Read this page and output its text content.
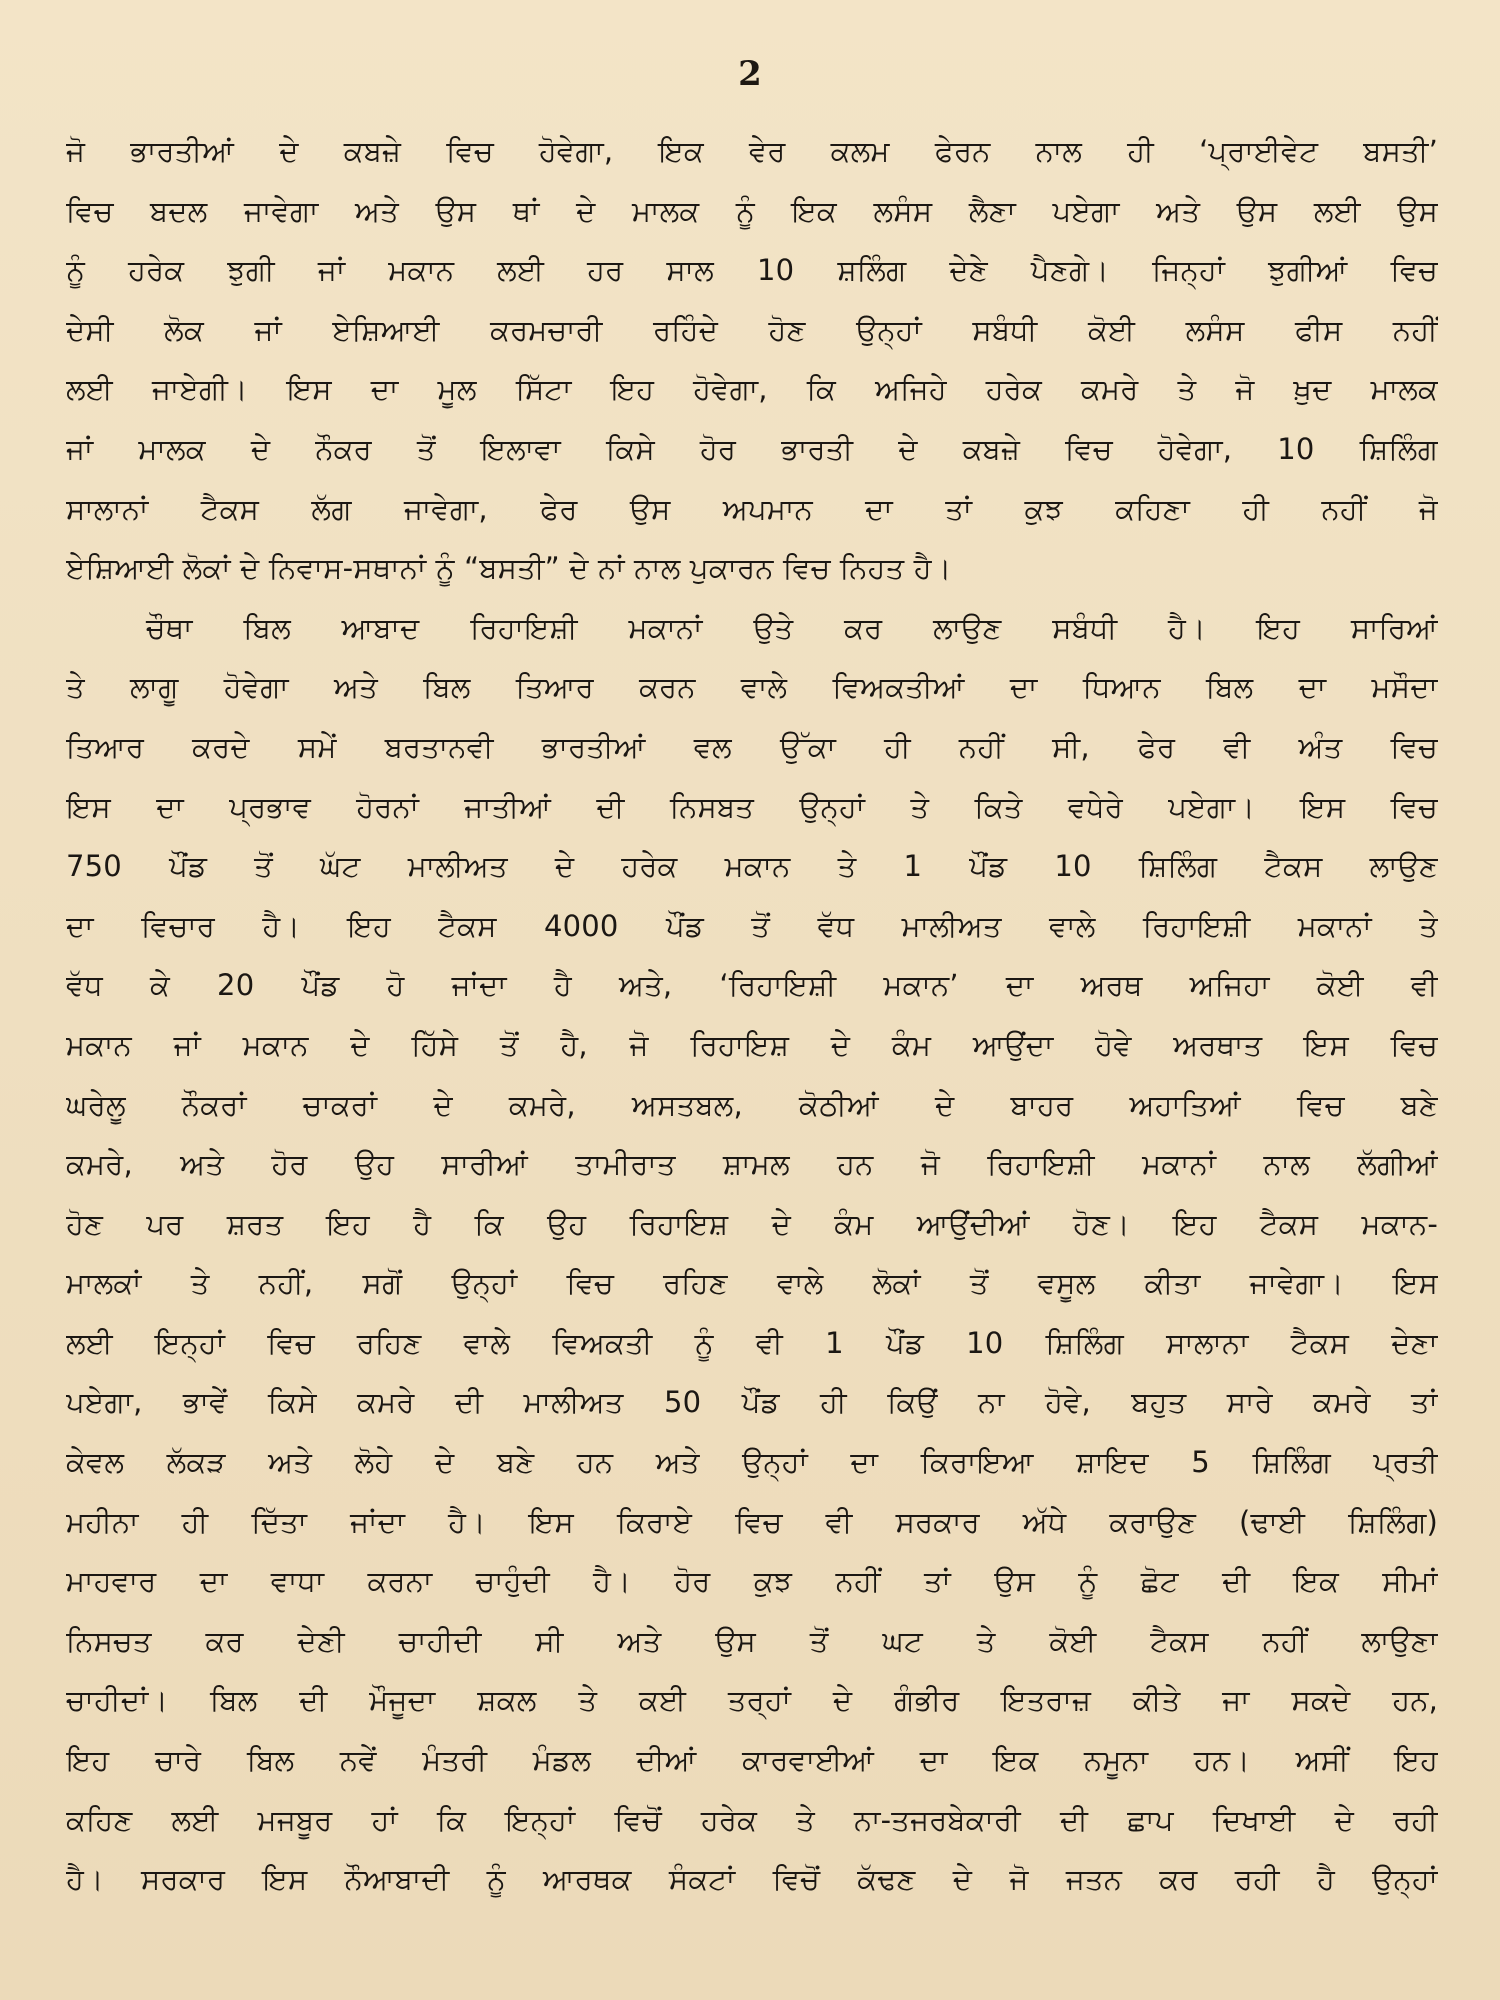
2
ਜੋ ਭਾਰਤੀਆਂ ਦੇ ਕਬਜ਼ੇ ਵਿਚ ਹੋਵੇਗਾ, ਇਕ ਵੇਰ ਕਲਮ ਫੇਰਨ ਨਾਲ ਹੀ ‘ਪ੍ਰਾਈਵੇਟ ਬਸਤੀ’
ਵਿਚ ਬਦਲ ਜਾਵੇਗਾ ਅਤੇ ਉਸ ਥਾਂ ਦੇ ਮਾਲਕ ਨੂੰ ਇਕ ਲਸੰਸ ਲੈਣਾ ਪਏਗਾ ਅਤੇ ਉਸ ਲਈ ਉਸ
ਨੂੰ ਹਰੇਕ ਝੁਗੀ ਜਾਂ ਮਕਾਨ ਲਈ ਹਰ ਸਾਲ 10 ਸ਼ਲਿੰਗ ਦੇਣੇ ਪੈਣਗੇ। ਜਿਨ੍ਹਾਂ ਝੁਗੀਆਂ ਵਿਚ
ਦੇਸੀ ਲੋਕ ਜਾਂ ਏਸ਼ਿਆਈ ਕਰਮਚਾਰੀ ਰਹਿੰਦੇ ਹੋਣ ਉਨ੍ਹਾਂ ਸਬੰਧੀ ਕੋਈ ਲਸੰਸ ਫੀਸ ਨਹੀਂ
ਲਈ ਜਾਏਗੀ। ਇਸ ਦਾ ਮੂਲ ਸਿੱਟਾ ਇਹ ਹੋਵੇਗਾ, ਕਿ ਅਜਿਹੇ ਹਰੇਕ ਕਮਰੇ ਤੇ ਜੋ ਖ਼ੁਦ ਮਾਲਕ
ਜਾਂ ਮਾਲਕ ਦੇ ਨੌਕਰ ਤੋਂ ਇਲਾਵਾ ਕਿਸੇ ਹੋਰ ਭਾਰਤੀ ਦੇ ਕਬਜ਼ੇ ਵਿਚ ਹੋਵੇਗਾ, 10 ਸ਼ਿਲਿੰਗ
ਸਾਲਾਨਾਂ ਟੈਕਸ ਲੱਗ ਜਾਵੇਗਾ, ਫੇਰ ਉਸ ਅਪਮਾਨ ਦਾ ਤਾਂ ਕੁਝ ਕਹਿਣਾ ਹੀ ਨਹੀਂ ਜੋ
ਏਸ਼ਿਆਈ ਲੋਕਾਂ ਦੇ ਨਿਵਾਸ-ਸਥਾਨਾਂ ਨੂੰ “ਬਸਤੀ” ਦੇ ਨਾਂ ਨਾਲ ਪੁਕਾਰਨ ਵਿਚ ਨਿਹਤ ਹੈ।
ਚੌਥਾ ਬਿਲ ਆਬਾਦ ਰਿਹਾਇਸ਼ੀ ਮਕਾਨਾਂ ਉਤੇ ਕਰ ਲਾਉਣ ਸਬੰਧੀ ਹੈ। ਇਹ ਸਾਰਿਆਂ
ਤੇ ਲਾਗੂ ਹੋਵੇਗਾ ਅਤੇ ਬਿਲ ਤਿਆਰ ਕਰਨ ਵਾਲੇ ਵਿਅਕਤੀਆਂ ਦਾ ਧਿਆਨ ਬਿਲ ਦਾ ਮਸੌਦਾ
ਤਿਆਰ ਕਰਦੇ ਸਮੇਂ ਬਰਤਾਨਵੀ ਭਾਰਤੀਆਂ ਵਲ ਉੱਕਾ ਹੀ ਨਹੀਂ ਸੀ, ਫੇਰ ਵੀ ਅੰਤ ਵਿਚ
ਇਸ ਦਾ ਪ੍ਰਭਾਵ ਹੋਰਨਾਂ ਜਾਤੀਆਂ ਦੀ ਨਿਸਬਤ ਉਨ੍ਹਾਂ ਤੇ ਕਿਤੇ ਵਧੇਰੇ ਪਏਗਾ। ਇਸ ਵਿਚ
750 ਪੌਂਡ ਤੋਂ ਘੱਟ ਮਾਲੀਅਤ ਦੇ ਹਰੇਕ ਮਕਾਨ ਤੇ 1 ਪੌਂਡ 10 ਸ਼ਿਲਿੰਗ ਟੈਕਸ ਲਾਉਣ
ਦਾ ਵਿਚਾਰ ਹੈ। ਇਹ ਟੈਕਸ 4000 ਪੌਂਡ ਤੋਂ ਵੱਧ ਮਾਲੀਅਤ ਵਾਲੇ ਰਿਹਾਇਸ਼ੀ ਮਕਾਨਾਂ ਤੇ
ਵੱਧ ਕੇ 20 ਪੌਂਡ ਹੋ ਜਾਂਦਾ ਹੈ ਅਤੇ, ‘ਰਿਹਾਇਸ਼ੀ ਮਕਾਨ’ ਦਾ ਅਰਥ ਅਜਿਹਾ ਕੋਈ ਵੀ
ਮਕਾਨ ਜਾਂ ਮਕਾਨ ਦੇ ਹਿੱਸੇ ਤੋਂ ਹੈ, ਜੋ ਰਿਹਾਇਸ਼ ਦੇ ਕੰਮ ਆਉਂਦਾ ਹੋਵੇ ਅਰਥਾਤ ਇਸ ਵਿਚ
ਘਰੇਲੂ ਨੌਕਰਾਂ ਚਾਕਰਾਂ ਦੇ ਕਮਰੇ, ਅਸਤਬਲ, ਕੋਠੀਆਂ ਦੇ ਬਾਹਰ ਅਹਾਤਿਆਂ ਵਿਚ ਬਣੇ
ਕਮਰੇ, ਅਤੇ ਹੋਰ ਉਹ ਸਾਰੀਆਂ ਤਾਮੀਰਾਤ ਸ਼ਾਮਲ ਹਨ ਜੋ ਰਿਹਾਇਸ਼ੀ ਮਕਾਨਾਂ ਨਾਲ ਲੱਗੀਆਂ
ਹੋਣ ਪਰ ਸ਼ਰਤ ਇਹ ਹੈ ਕਿ ਉਹ ਰਿਹਾਇਸ਼ ਦੇ ਕੰਮ ਆਉਂਦੀਆਂ ਹੋਣ। ਇਹ ਟੈਕਸ ਮਕਾਨ-
ਮਾਲਕਾਂ ਤੇ ਨਹੀਂ, ਸਗੋਂ ਉਨ੍ਹਾਂ ਵਿਚ ਰਹਿਣ ਵਾਲੇ ਲੋਕਾਂ ਤੋਂ ਵਸੂਲ ਕੀਤਾ ਜਾਵੇਗਾ। ਇਸ
ਲਈ ਇਨ੍ਹਾਂ ਵਿਚ ਰਹਿਣ ਵਾਲੇ ਵਿਅਕਤੀ ਨੂੰ ਵੀ 1 ਪੌਂਡ 10 ਸ਼ਿਲਿੰਗ ਸਾਲਾਨਾ ਟੈਕਸ ਦੇਣਾ
ਪਏਗਾ, ਭਾਵੇਂ ਕਿਸੇ ਕਮਰੇ ਦੀ ਮਾਲੀਅਤ 50 ਪੌਂਡ ਹੀ ਕਿਉਂ ਨਾ ਹੋਵੇ, ਬਹੁਤ ਸਾਰੇ ਕਮਰੇ ਤਾਂ
ਕੇਵਲ ਲੱਕੜ ਅਤੇ ਲੋਹੇ ਦੇ ਬਣੇ ਹਨ ਅਤੇ ਉਨ੍ਹਾਂ ਦਾ ਕਿਰਾਇਆ ਸ਼ਾਇਦ 5 ਸ਼ਿਲਿੰਗ ਪ੍ਰਤੀ
ਮਹੀਨਾ ਹੀ ਦਿੱਤਾ ਜਾਂਦਾ ਹੈ। ਇਸ ਕਿਰਾਏ ਵਿਚ ਵੀ ਸਰਕਾਰ ਅੱਧੇ ਕਰਾਉਣ (ਢਾਈ ਸ਼ਿਲਿੰਗ)
ਮਾਹਵਾਰ ਦਾ ਵਾਧਾ ਕਰਨਾ ਚਾਹੁੰਦੀ ਹੈ। ਹੋਰ ਕੁਝ ਨਹੀਂ ਤਾਂ ਉਸ ਨੂੰ ਛੋਟ ਦੀ ਇਕ ਸੀਮਾਂ
ਨਿਸਚਤ ਕਰ ਦੇਣੀ ਚਾਹੀਦੀ ਸੀ ਅਤੇ ਉਸ ਤੋਂ ਘਟ ਤੇ ਕੋਈ ਟੈਕਸ ਨਹੀਂ ਲਾਉਣਾ
ਚਾਹੀਦਾਂ। ਬਿਲ ਦੀ ਮੌਜੂਦਾ ਸ਼ਕਲ ਤੇ ਕਈ ਤਰ੍ਹਾਂ ਦੇ ਗੰਭੀਰ ਇਤਰਾਜ਼ ਕੀਤੇ ਜਾ ਸਕਦੇ ਹਨ,
ਇਹ ਚਾਰੇ ਬਿਲ ਨਵੇਂ ਮੰਤਰੀ ਮੰਡਲ ਦੀਆਂ ਕਾਰਵਾਈਆਂ ਦਾ ਇਕ ਨਮੂਨਾ ਹਨ। ਅਸੀਂ ਇਹ
ਕਹਿਣ ਲਈ ਮਜਬੂਰ ਹਾਂ ਕਿ ਇਨ੍ਹਾਂ ਵਿਚੋਂ ਹਰੇਕ ਤੇ ਨਾ-ਤਜਰਬੇਕਾਰੀ ਦੀ ਛਾਪ ਦਿਖਾਈ ਦੇ ਰਹੀ
ਹੈ। ਸਰਕਾਰ ਇਸ ਨੌਆਬਾਦੀ ਨੂੰ ਆਰਥਕ ਸੰਕਟਾਂ ਵਿਚੋਂ ਕੱਢਣ ਦੇ ਜੋ ਜਤਨ ਕਰ ਰਹੀ ਹੈ ਉਨ੍ਹਾਂ
